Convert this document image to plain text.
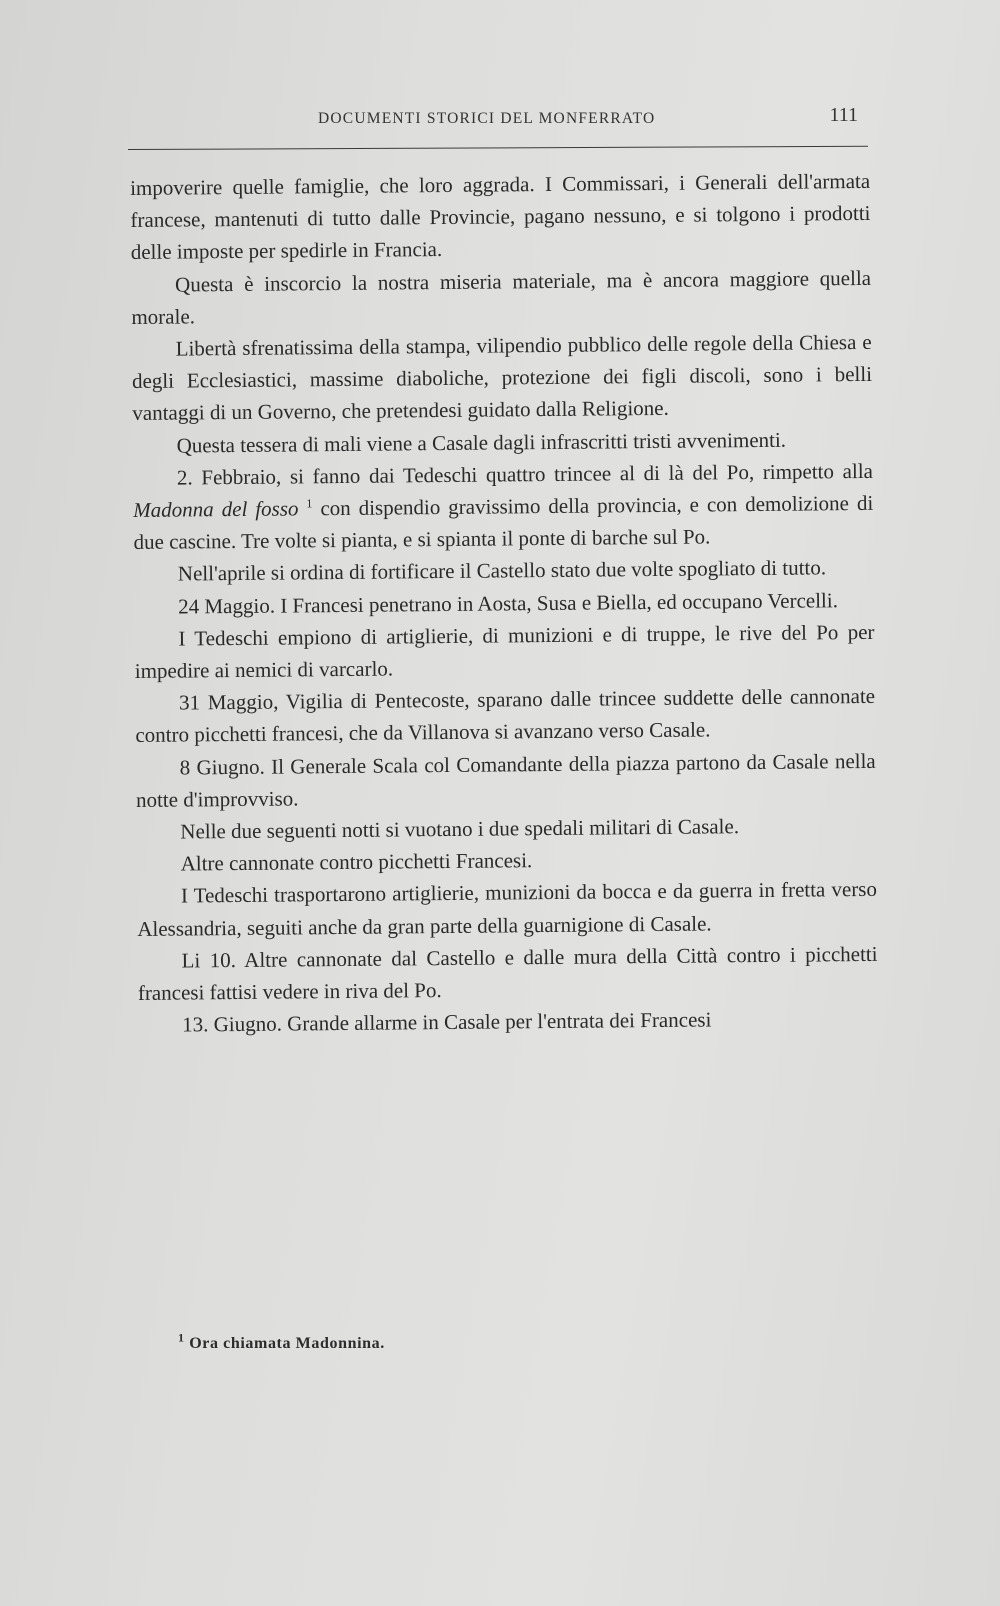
DOCUMENTI STORICI DEL MONFERRATO	111

impoverire quelle famiglie, che loro aggrada. I Commissari, i Generali dell'armata francese, mantenuti di tutto dalle Provincie, pagano nessuno, e si tolgono i prodotti delle imposte per spedirle in Francia.

Questa è inscorcio la nostra miseria materiale, ma è ancora maggiore quella morale.

Libertà sfrenatissima della stampa, vilipendio pubblico delle regole della Chiesa e degli Ecclesiastici, massime diaboliche, protezione dei figli discoli, sono i belli vantaggi di un Governo, che pretendesi guidato dalla Religione.

Questa tessera di mali viene a Casale dagli infrascritti tristi avvenimenti.

2. Febbraio, si fanno dai Tedeschi quattro trincee al di là del Po, rimpetto alla Madonna del fosso $^1$ con dispendio gravissimo della provincia, e con demolizione di due cascine. Tre volte si pianta, e si spianta il ponte di barche sul Po.

Nell'aprile si ordina di fortificare il Castello stato due volte spogliato di tutto.

24 Maggio. I Francesi penetrano in Aosta, Susa e Biella, ed occupano Vercelli.

I Tedeschi empiono di artiglierie, di munizioni e di truppe, le rive del Po per impedire ai nemici di varcarlo.

31 Maggio, Vigilia di Pentecoste, sparano dalle trincee suddette delle cannonate contro picchetti francesi, che da Villanova si avanzano verso Casale.

8 Giugno. Il Generale Scala col Comandante della piazza partono da Casale nella notte d'improvviso.

Nelle due seguenti notti si vuotano i due spedali militari di Casale.

Altre cannonate contro picchetti Francesi.

I Tedeschi trasportarono artiglierie, munizioni da bocca e da guerra in fretta verso Alessandria, seguiti anche da gran parte della guarnigione di Casale.

Li 10. Altre cannonate dal Castello e dalle mura della Città contro i picchetti francesi fattisi vedere in riva del Po.

13. Giugno. Grande allarme in Casale per l'entrata dei Francesi

$^1$ Ora chiamata Madonnina.
